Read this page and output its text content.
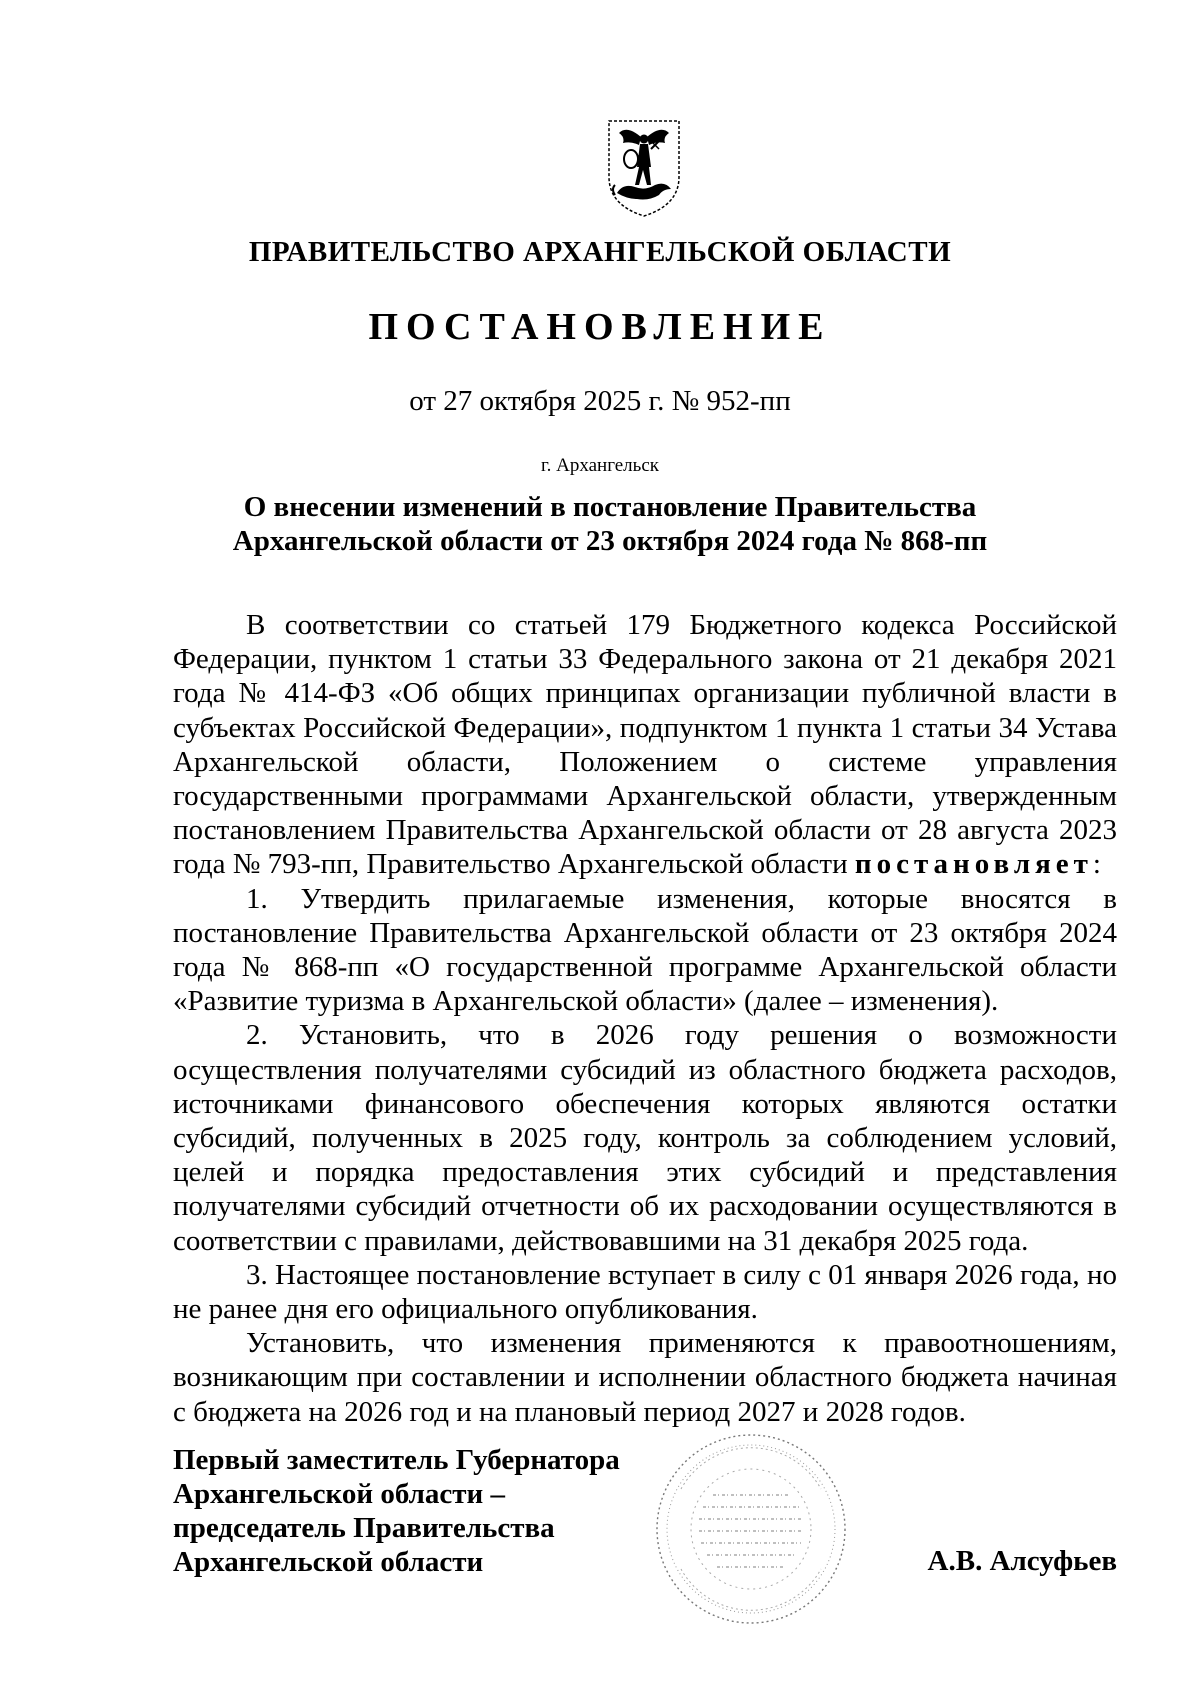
ПРАВИТЕЛЬСТВО АРХАНГЕЛЬСКОЙ ОБЛАСТИ
ПОСТАНОВЛЕНИЕ
от 27 октября 2025 г. № 952-пп
г. Архангельск
О внесении изменений в постановление Правительства
Архангельской области от 23 октября 2024 года № 868-пп

В соответствии со статьей 179 Бюджетного кодекса Российской Федерации, пунктом 1 статьи 33 Федерального закона от 21 декабря 2021 года № 414-ФЗ «Об общих принципах организации публичной власти в субъектах Российской Федерации», подпунктом 1 пункта 1 статьи 34 Устава Архангельской области, Положением о системе управления государственными программами Архангельской области, утвержденным постановлением Правительства Архангельской области от 28 августа 2023 года № 793-пп, Правительство Архангельской области постановляет:

1. Утвердить прилагаемые изменения, которые вносятся в постановление Правительства Архангельской области от 23 октября 2024 года № 868-пп «О государственной программе Архангельской области «Развитие туризма в Архангельской области» (далее – изменения).

2. Установить, что в 2026 году решения о возможности осуществления получателями субсидий из областного бюджета расходов, источниками финансового обеспечения которых являются остатки субсидий, полученных в 2025 году, контроль за соблюдением условий, целей и порядка предоставления этих субсидий и представления получателями субсидий отчетности об их расходовании осуществляются в соответствии с правилами, действовавшими на 31 декабря 2025 года.

3. Настоящее постановление вступает в силу с 01 января 2026 года, но не ранее дня его официального опубликования.

Установить, что изменения применяются к правоотношениям, возникающим при составлении и исполнении областного бюджета начиная с бюджета на 2026 год и на плановый период 2027 и 2028 годов.

Первый заместитель Губернатора
Архангельской области –
председатель Правительства
Архангельской области	А.В. Алсуфьев
